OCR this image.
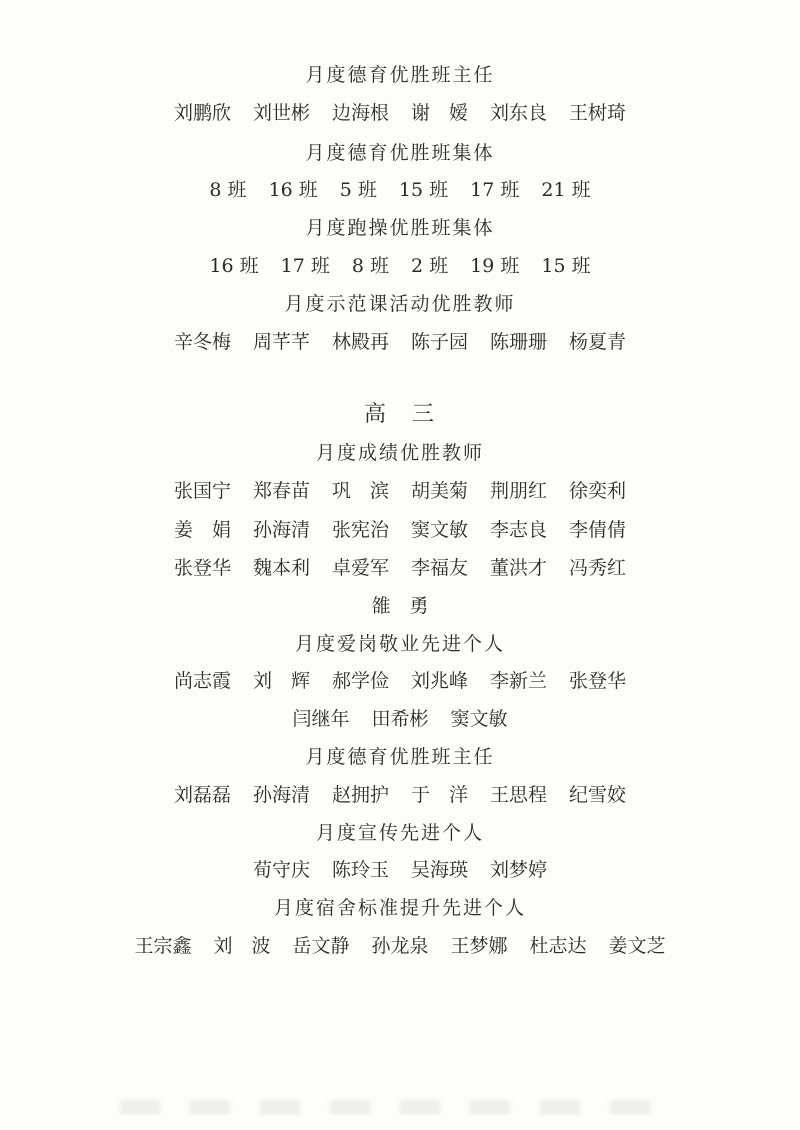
月度德育优胜班主任
刘鹏欣 刘世彬 边海根 谢　嫒 刘东良 王树琦
月度德育优胜班集体
8 班 16 班 5 班 15 班 17 班 21 班
月度跑操优胜班集体
16 班 17 班 8 班 2 班 19 班 15 班
月度示范课活动优胜教师
辛冬梅 周芊芊 林殿再 陈子园 陈珊珊 杨夏青
高　三
月度成绩优胜教师
张国宁 郑春苗 巩　滨 胡美菊 荆朋红 徐奕利
姜　娟 孙海清 张宪治 窦文敏 李志良 李倩倩
张登华 魏本利 卓爱军 李福友 董洪才 冯秀红
雒　勇
月度爱岗敬业先进个人
尚志霞 刘　辉 郝学俭 刘兆峰 李新兰 张登华
闫继年 田希彬 窦文敏
月度德育优胜班主任
刘磊磊 孙海清 赵拥护 于　洋 王思程 纪雪姣
月度宣传先进个人
荀守庆 陈玲玉 吴海瑛 刘梦婷
月度宿舍标准提升先进个人
王宗鑫 刘　波 岳文静 孙龙泉 王梦娜 杜志达 姜文芝
